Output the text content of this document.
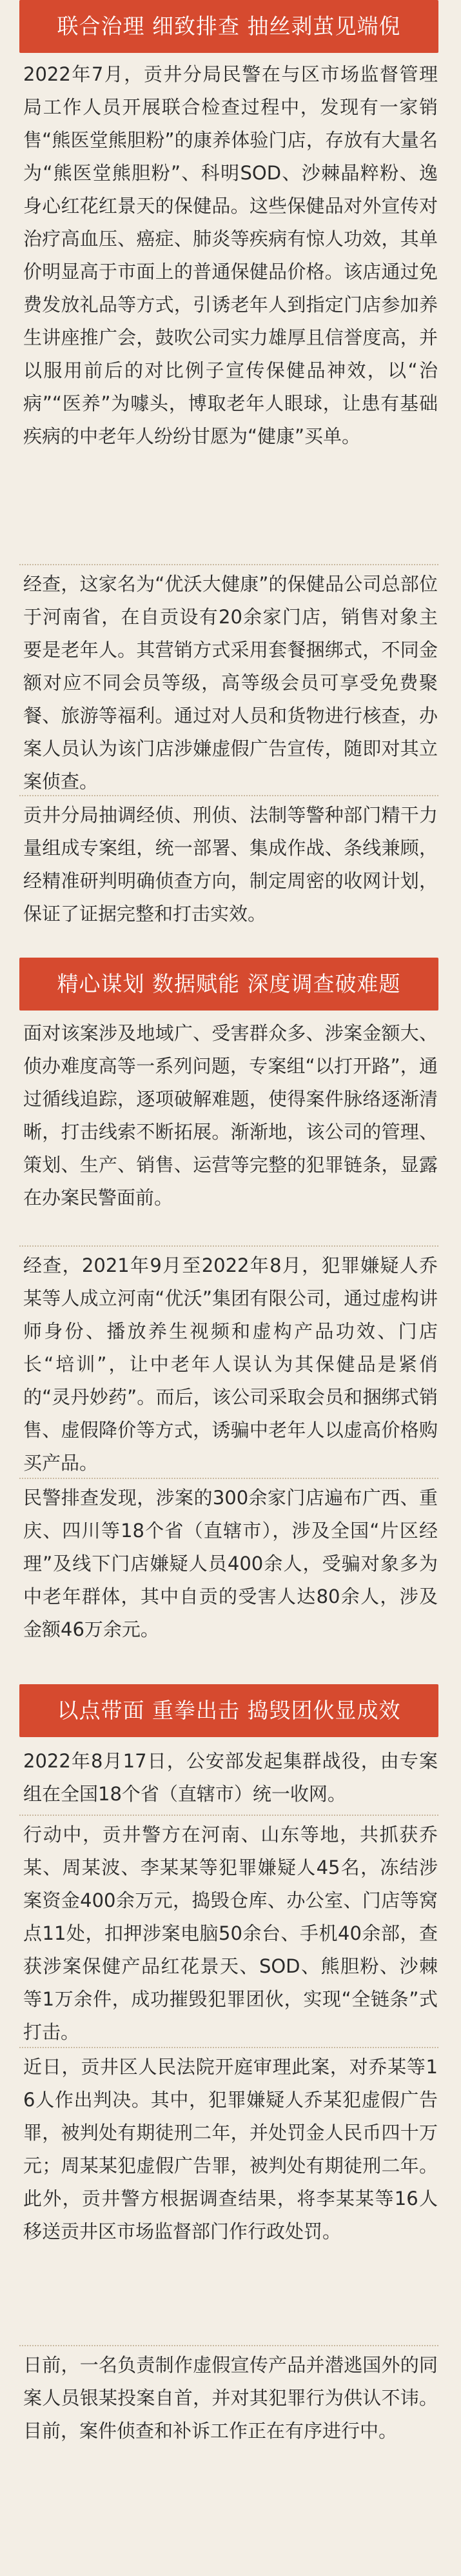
联合治理 细致排查 抽丝剥茧见端倪

2022年7月，贡井分局民警在与区市场监督管理局工作人员开展联合检查过程中，发现有一家销售“熊医堂熊胆粉”的康养体验门店，存放有大量名为“熊医堂熊胆粉”、科明SOD、沙棘晶粹粉、逸身心红花红景天的保健品。这些保健品对外宣传对治疗高血压、癌症、肺炎等疾病有惊人功效，其单价明显高于市面上的普通保健品价格。该店通过免费发放礼品等方式，引诱老年人到指定门店参加养生讲座推广会，鼓吹公司实力雄厚且信誉度高，并以服用前后的对比例子宣传保健品神效，以“治病”“医养”为噱头，博取老年人眼球，让患有基础疾病的中老年人纷纷甘愿为“健康”买单。

经查，这家名为“优沃大健康”的保健品公司总部位于河南省，在自贡设有20余家门店，销售对象主要是老年人。其营销方式采用套餐捆绑式，不同金额对应不同会员等级，高等级会员可享受免费聚餐、旅游等福利。通过对人员和货物进行核查，办案人员认为该门店涉嫌虚假广告宣传，随即对其立案侦查。

贡井分局抽调经侦、刑侦、法制等警种部门精干力量组成专案组，统一部署、集成作战、条线兼顾，经精准研判明确侦查方向，制定周密的收网计划，保证了证据完整和打击实效。

精心谋划 数据赋能 深度调查破难题

面对该案涉及地域广、受害群众多、涉案金额大、侦办难度高等一系列问题，专案组“以打开路”，通过循线追踪，逐项破解难题，使得案件脉络逐渐清晰，打击线索不断拓展。渐渐地，该公司的管理、策划、生产、销售、运营等完整的犯罪链条，显露在办案民警面前。

经查，2021年9月至2022年8月，犯罪嫌疑人乔某等人成立河南“优沃”集团有限公司，通过虚构讲师身份、播放养生视频和虚构产品功效、门店长“培训”，让中老年人误认为其保健品是紧俏的“灵丹妙药”。而后，该公司采取会员和捆绑式销售、虚假降价等方式，诱骗中老年人以虚高价格购买产品。

民警排查发现，涉案的300余家门店遍布广西、重庆、四川等18个省（直辖市），涉及全国“片区经理”及线下门店嫌疑人员400余人，受骗对象多为中老年群体，其中自贡的受害人达80余人，涉及金额46万余元。

以点带面 重拳出击 捣毁团伙显成效

2022年8月17日，公安部发起集群战役，由专案组在全国18个省（直辖市）统一收网。

行动中，贡井警方在河南、山东等地，共抓获乔某、周某波、李某某等犯罪嫌疑人45名，冻结涉案资金400余万元，捣毁仓库、办公室、门店等窝点11处，扣押涉案电脑50余台、手机40余部，查获涉案保健产品红花景天、SOD、熊胆粉、沙棘等1万余件，成功摧毁犯罪团伙，实现“全链条”式打击。

近日，贡井区人民法院开庭审理此案，对乔某等16人作出判决。其中，犯罪嫌疑人乔某犯虚假广告罪，被判处有期徒刑二年，并处罚金人民币四十万元；周某某犯虚假广告罪，被判处有期徒刑二年。此外，贡井警方根据调查结果，将李某某等16人移送贡井区市场监督部门作行政处罚。

日前，一名负责制作虚假宣传产品并潜逃国外的同案人员银某投案自首，并对其犯罪行为供认不讳。目前，案件侦查和补诉工作正在有序进行中。
